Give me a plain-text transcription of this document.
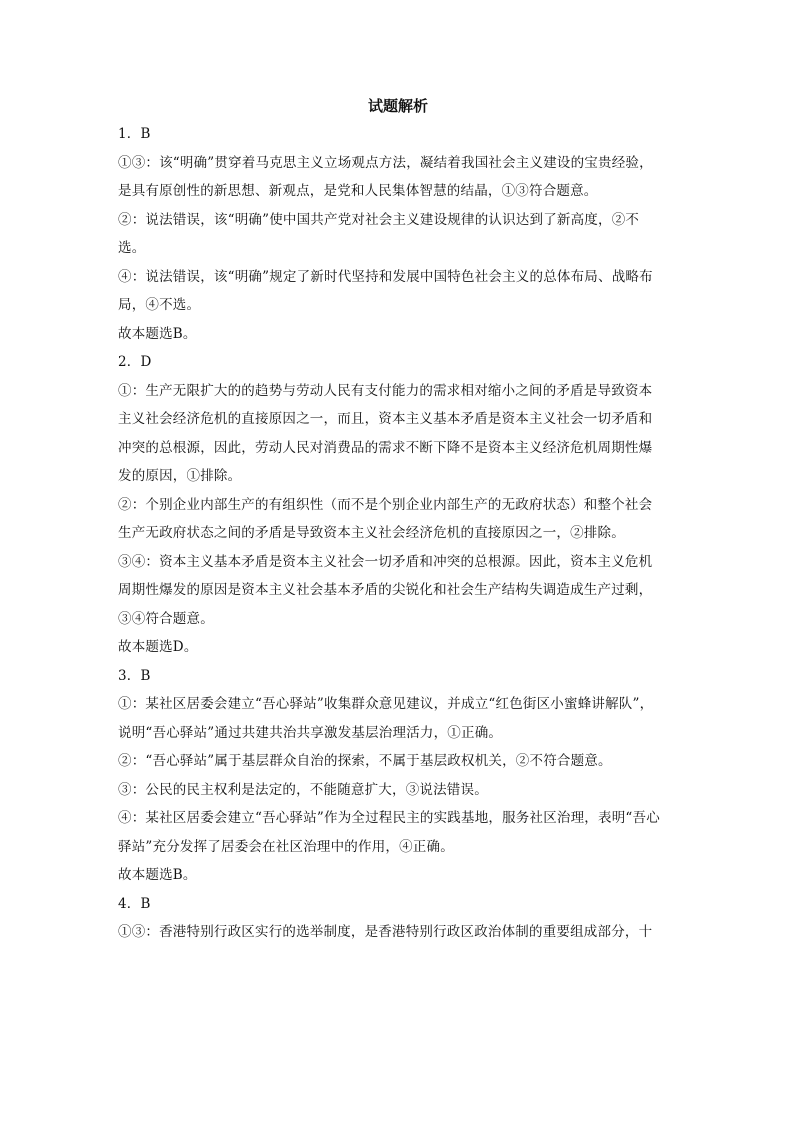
试题解析
1．B
①③：该“明确”贯穿着马克思主义立场观点方法，凝结着我国社会主义建设的宝贵经验，
是具有原创性的新思想、新观点，是党和人民集体智慧的结晶，①③符合题意。
②：说法错误，该“明确”使中国共产党对社会主义建设规律的认识达到了新高度，②不
选。
④：说法错误，该“明确”规定了新时代坚持和发展中国特色社会主义的总体布局、战略布
局，④不选。
故本题选B。
2．D
①：生产无限扩大的的趋势与劳动人民有支付能力的需求相对缩小之间的矛盾是导致资本
主义社会经济危机的直接原因之一，而且，资本主义基本矛盾是资本主义社会一切矛盾和
冲突的总根源，因此，劳动人民对消费品的需求不断下降不是资本主义经济危机周期性爆
发的原因，①排除。
②：个别企业内部生产的有组织性（而不是个别企业内部生产的无政府状态）和整个社会
生产无政府状态之间的矛盾是导致资本主义社会经济危机的直接原因之一，②排除。
③④：资本主义基本矛盾是资本主义社会一切矛盾和冲突的总根源。因此，资本主义危机
周期性爆发的原因是资本主义社会基本矛盾的尖锐化和社会生产结构失调造成生产过剩，
③④符合题意。
故本题选D。
3．B
①：某社区居委会建立“吾心驿站”收集群众意见建议，并成立“红色街区小蜜蜂讲解队”，
说明“吾心驿站”通过共建共治共享激发基层治理活力，①正确。
②：“吾心驿站”属于基层群众自治的探索，不属于基层政权机关，②不符合题意。
③：公民的民主权利是法定的，不能随意扩大，③说法错误。
④：某社区居委会建立“吾心驿站”作为全过程民主的实践基地，服务社区治理，表明“吾心
驿站”充分发挥了居委会在社区治理中的作用，④正确。
故本题选B。
4．B
①③：香港特别行政区实行的选举制度，是香港特别行政区政治体制的重要组成部分，十
